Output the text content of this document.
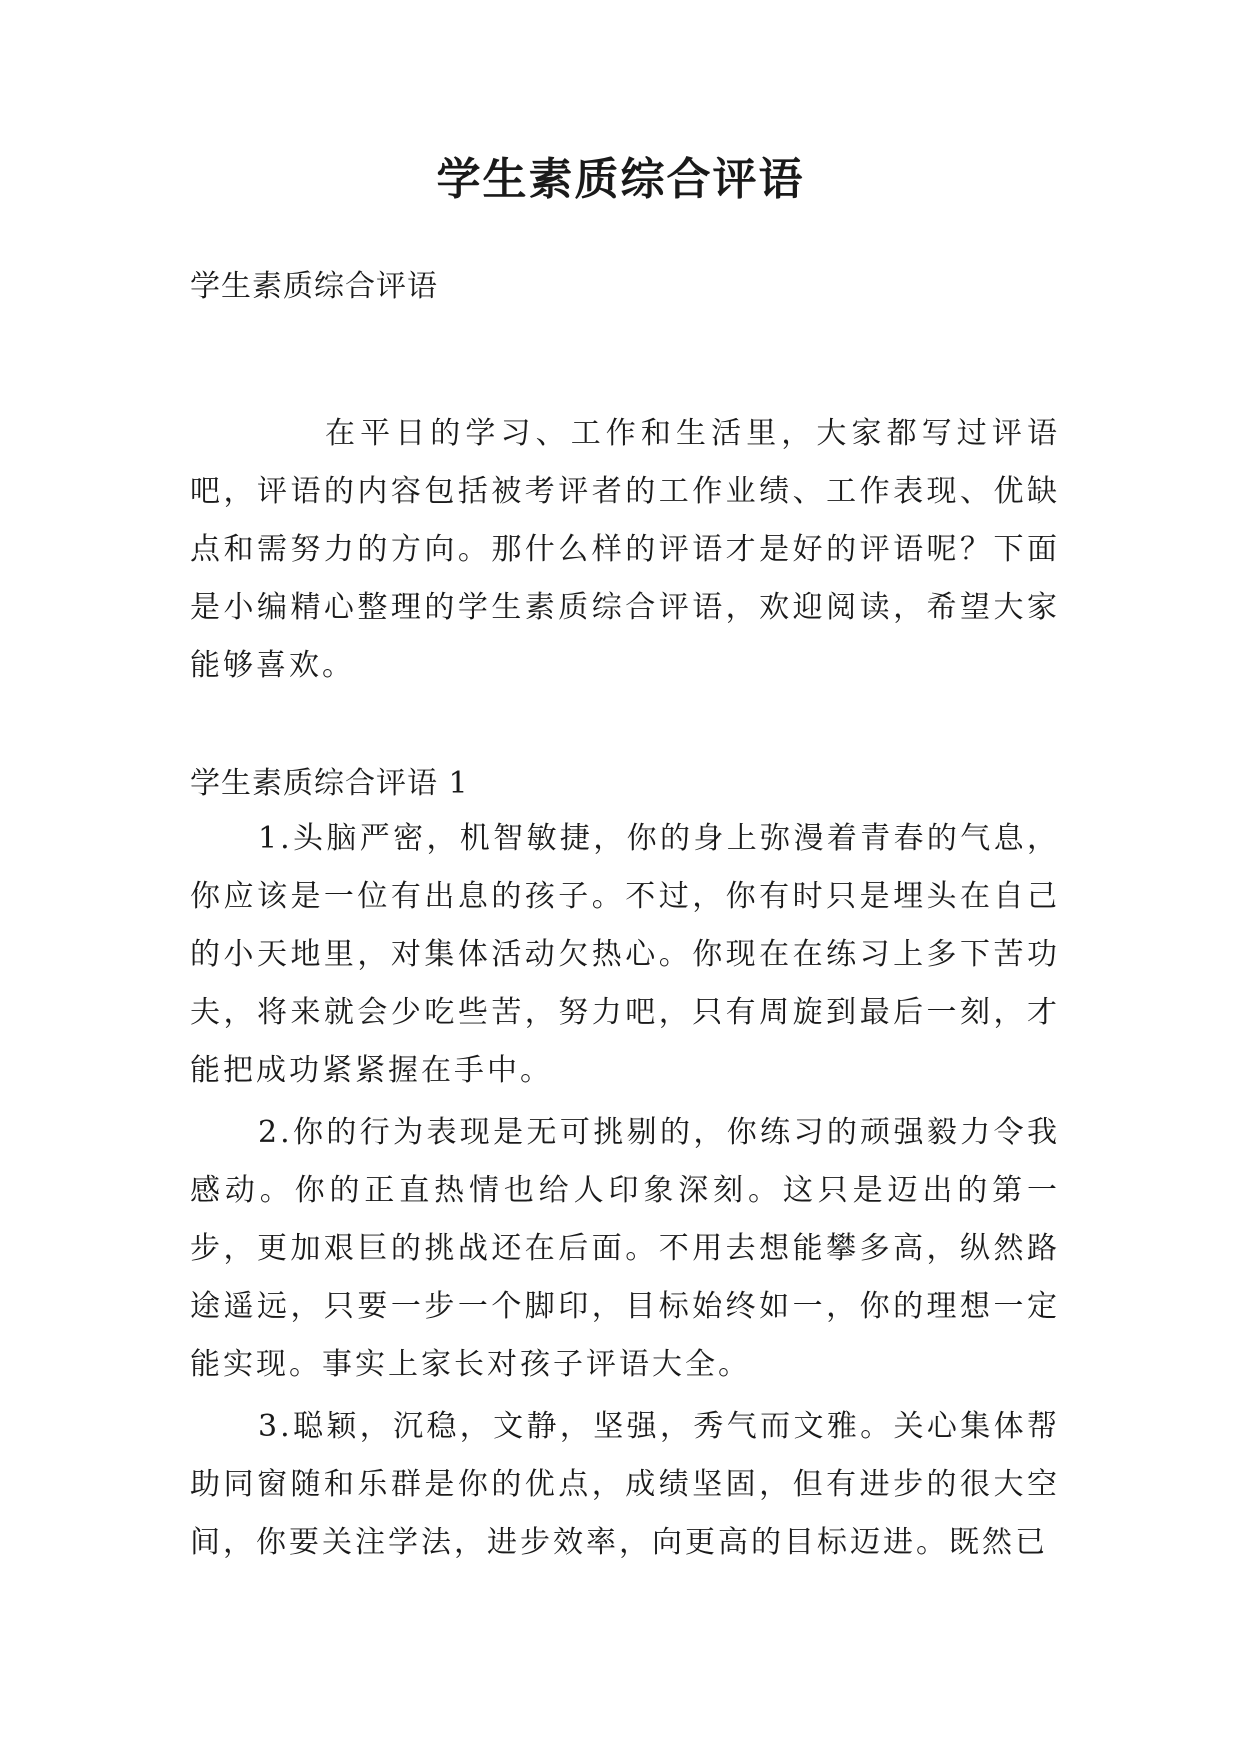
学生素质综合评语

学生素质综合评语

在平日的学习、工作和生活里，大家都写过评语吧，评语的内容包括被考评者的工作业绩、工作表现、优缺点和需努力的方向。那什么样的评语才是好的评语呢？下面是小编精心整理的学生素质综合评语，欢迎阅读，希望大家能够喜欢。

学生素质综合评语 1

1.头脑严密，机智敏捷，你的身上弥漫着青春的气息，你应该是一位有出息的孩子。不过，你有时只是埋头在自己的小天地里，对集体活动欠热心。你现在在练习上多下苦功夫，将来就会少吃些苦，努力吧，只有周旋到最后一刻，才能把成功紧紧握在手中。

2.你的行为表现是无可挑剔的，你练习的顽强毅力令我感动。你的正直热情也给人印象深刻。这只是迈出的第一步，更加艰巨的挑战还在后面。不用去想能攀多高，纵然路途遥远，只要一步一个脚印，目标始终如一，你的理想一定能实现。事实上家长对孩子评语大全。

3.聪颖，沉稳，文静，坚强，秀气而文雅。关心集体帮助同窗随和乐群是你的优点，成绩坚固，但有进步的很大空间，你要关注学法，进步效率，向更高的目标迈进。既然已
